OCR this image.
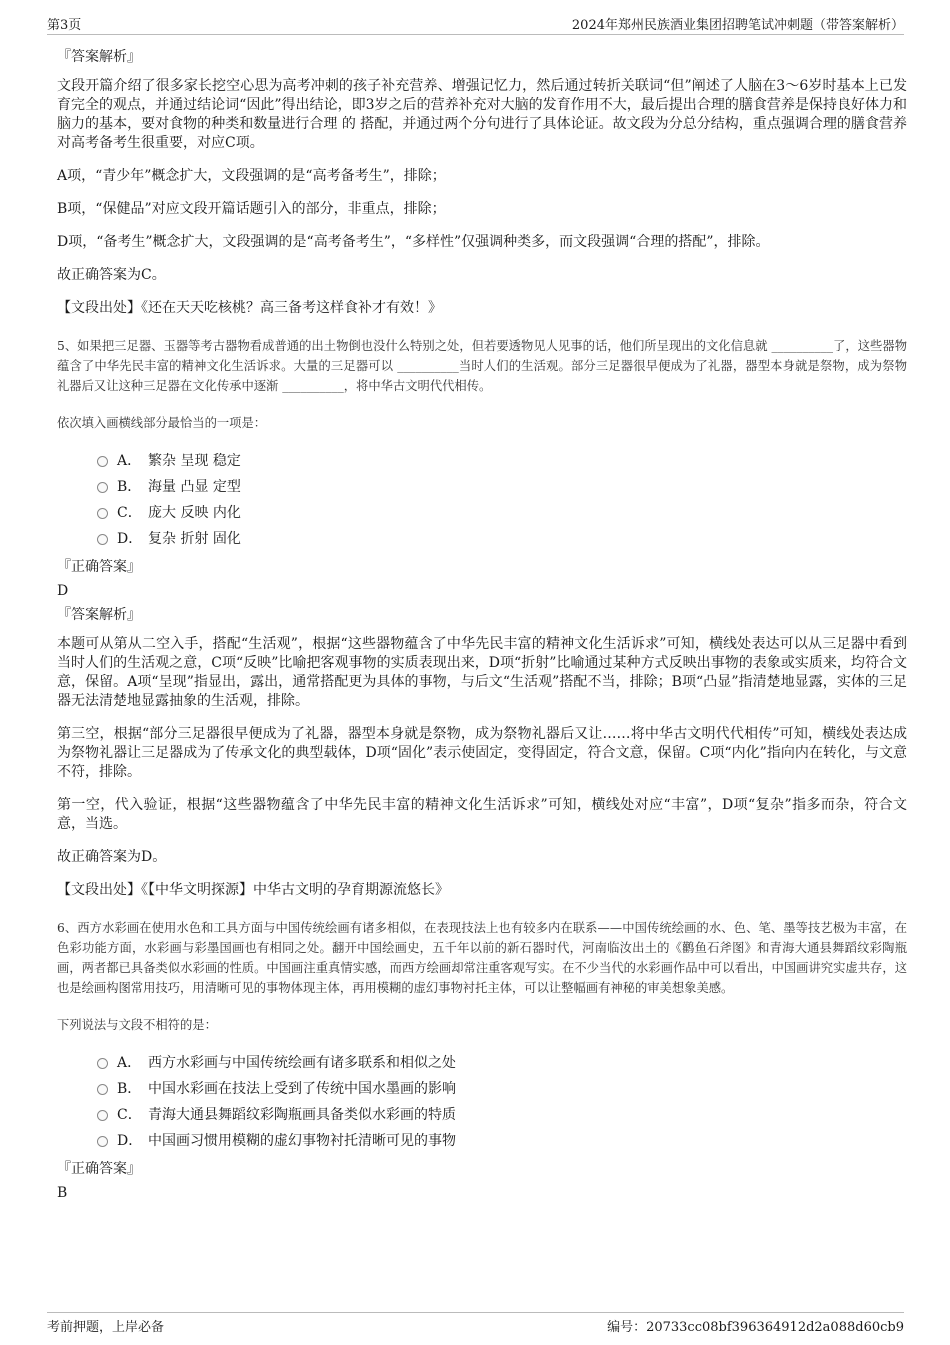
第3页	2024年郑州民族酒业集团招聘笔试冲刺题（带答案解析）
『答案解析』

文段开篇介绍了很多家长挖空心思为高考冲刺的孩子补充营养、增强记忆力，然后通过转折关联词“但”阐述了人脑在3～6岁时基本上已发育完全的观点，并通过结论词“因此”得出结论，即3岁之后的营养补充对大脑的发育作用不大，最后提出合理的膳食营养是保持良好体力和脑力的基本，要对食物的种类和数量进行合理 的 搭配，并通过两个分句进行了具体论证。故文段为分总分结构，重点强调合理的膳食营养对高考备考生很重要，对应C项。

A项，“青少年”概念扩大，文段强调的是“高考备考生”，排除；

B项，“保健品”对应文段开篇话题引入的部分，非重点，排除；

D项，“备考生”概念扩大，文段强调的是“高考备考生”，“多样性”仅强调种类多，而文段强调“合理的搭配”，排除。

故正确答案为C。

【文段出处】《还在天天吃核桃？高三备考这样食补才有效！》

5、如果把三足器、玉器等考古器物看成普通的出土物倒也没什么特别之处，但若要透物见人见事的话，他们所呈现出的文化信息就 __________了，这些器物蕴含了中华先民丰富的精神文化生活诉求。大量的三足器可以 __________当时人们的生活观。部分三足器很早便成为了礼器，器型本身就是祭物，成为祭物礼器后又让这种三足器在文化传承中逐渐 __________，将中华古文明代代相传。

依次填入画横线部分最恰当的一项是：

A． 繁杂 呈现 稳定
B． 海量 凸显 定型
C． 庞大 反映 内化
D． 复杂 折射 固化
『正确答案』
D
『答案解析』

本题可从第从二空入手，搭配“生活观”，根据“这些器物蕴含了中华先民丰富的精神文化生活诉求”可知，横线处表达可以从三足器中看到当时人们的生活观之意，C项“反映”比喻把客观事物的实质表现出来，D项“折射”比喻通过某种方式反映出事物的表象或实质来，均符合文意，保留。A项“呈现”指显出，露出，通常搭配更为具体的事物，与后文“生活观”搭配不当，排除；B项“凸显”指清楚地显露，实体的三足器无法清楚地显露抽象的生活观，排除。

第三空，根据“部分三足器很早便成为了礼器，器型本身就是祭物，成为祭物礼器后又让……将中华古文明代代相传”可知，横线处表达成为祭物礼器让三足器成为了传承文化的典型载体，D项“固化”表示使固定，变得固定，符合文意，保留。C项“内化”指向内在转化，与文意不符，排除。

第一空，代入验证，根据“这些器物蕴含了中华先民丰富的精神文化生活诉求”可知，横线处对应“丰富”，D项“复杂”指多而杂，符合文意，当选。

故正确答案为D。

【文段出处】《【中华文明探源】中华古文明的孕育期源流悠长》

6、西方水彩画在使用水色和工具方面与中国传统绘画有诸多相似，在表现技法上也有较多内在联系——中国传统绘画的水、色、笔、墨等技艺极为丰富，在色彩功能方面，水彩画与彩墨国画也有相同之处。翻开中国绘画史，五千年以前的新石器时代，河南临汝出土的《鹳鱼石斧图》和青海大通县舞蹈纹彩陶瓶画，两者都已具备类似水彩画的性质。中国画注重真情实感，而西方绘画却常注重客观写实。在不少当代的水彩画作品中可以看出，中国画讲究实虚共存，这也是绘画构图常用技巧，用清晰可见的事物体现主体，再用模糊的虚幻事物衬托主体，可以让整幅画有神秘的审美想象美感。

下列说法与文段不相符的是：

A． 西方水彩画与中国传统绘画有诸多联系和相似之处
B． 中国水彩画在技法上受到了传统中国水墨画的影响
C． 青海大通县舞蹈纹彩陶瓶画具备类似水彩画的特质
D． 中国画习惯用模糊的虚幻事物衬托清晰可见的事物
『正确答案』
B
考前押题，上岸必备	编号：20733cc08bf396364912d2a088d60cb9
